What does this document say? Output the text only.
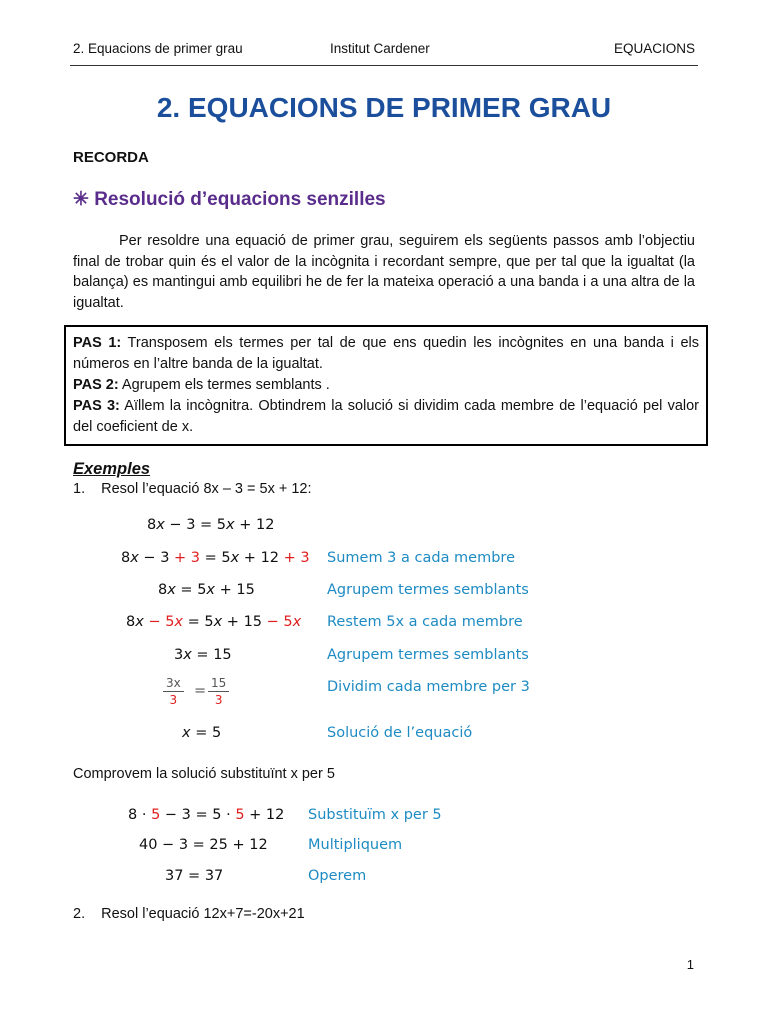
2. Equacions de primer grau	Institut Cardener	EQUACIONS
2. EQUACIONS DE PRIMER GRAU
RECORDA
✳ Resolució d’equacions senzilles
Per resoldre una equació de primer grau, seguirem els següents passos amb l’objectiu final de trobar quin és el valor de la incògnita i recordant sempre, que per tal que la igualtat (la balança) es mantingui amb equilibri he de fer la mateixa operació a una banda i a una altra de la igualtat.
PAS 1: Transposem els termes per tal de que ens quedin les incògnites en una banda i els números en l’altre banda de la igualtat.
PAS 2: Agrupem els termes semblants .
PAS 3: Aïllem la incògnitra. Obtindrem la solució si dividim cada membre de l’equació pel valor del coeficient de x.
Exemples
1. Resol l’equació 8x – 3 = 5x + 12:
8x − 3 = 5x + 12
8x − 3 + 3 = 5x + 12 + 3 Sumem 3 a cada membre
8x = 5x + 15	Agrupem termes semblants
8x − 5x = 5x + 15 − 5x Restem 5x a cada membre
3x = 15	Agrupem termes semblants
$\frac{3x}{3} = \frac{15}{3}$	Dividim cada membre per 3
x = 5	Solució de l’equació
Comprovem la solució substituïnt x per 5
8 · 5 − 3 = 5 · 5 + 12 Substituïm x per 5
40 − 3 = 25 + 12	Multipliquem
37 = 37	Operem
2. Resol l’equació 12x+7=-20x+21
1
